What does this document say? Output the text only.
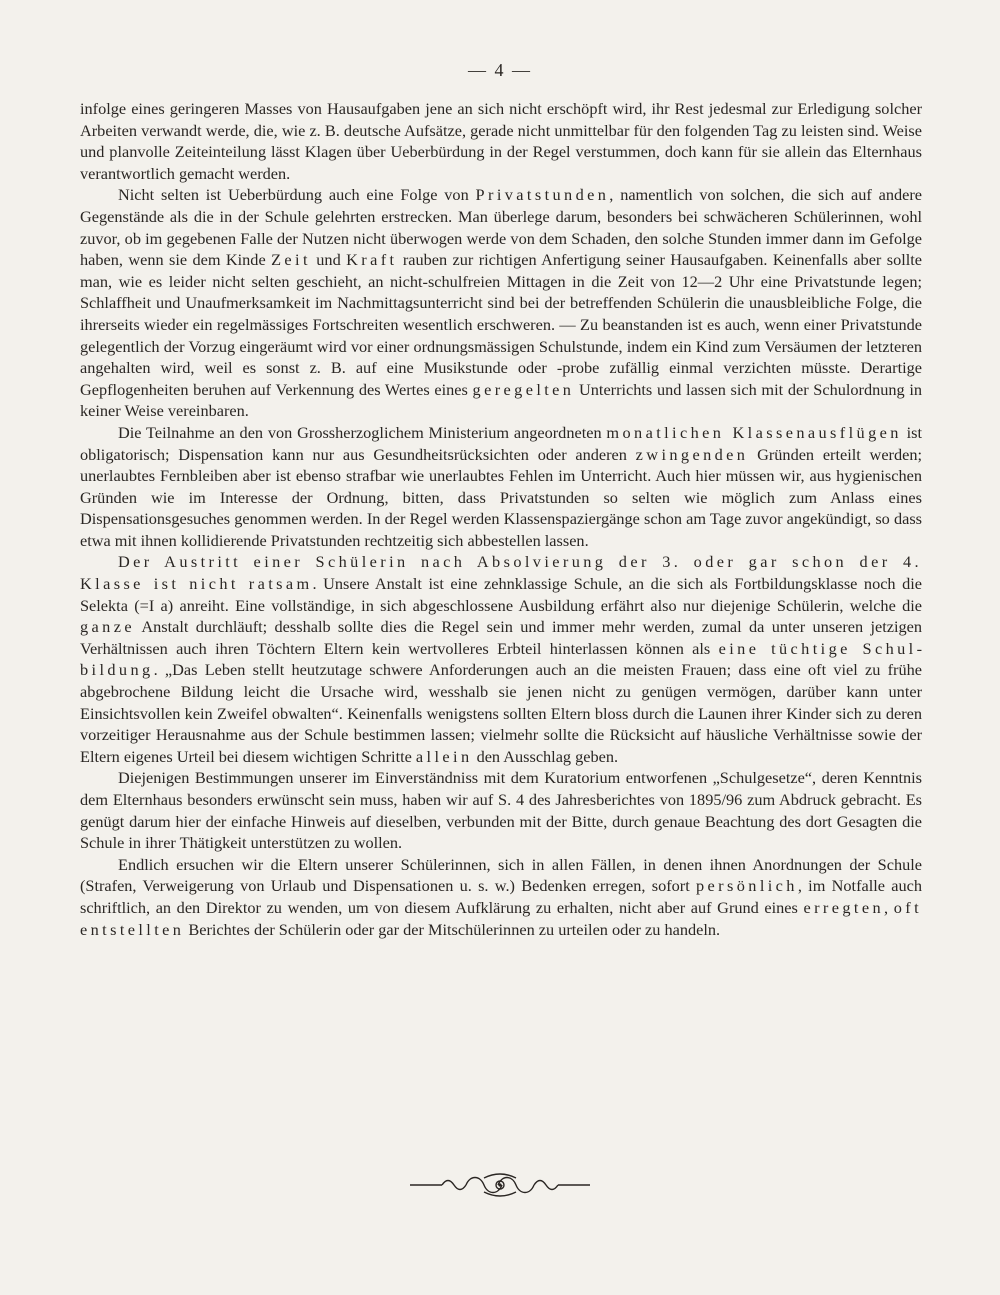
— 4 —

infolge eines geringeren Masses von Hausaufgaben jene an sich nicht erschöpft wird, ihr Rest jedesmal zur Erledigung solcher Arbeiten verwandt werde, die, wie z. B. deutsche Aufsätze, gerade nicht unmittelbar für den folgenden Tag zu leisten sind. Weise und planvolle Zeiteinteilung lässt Klagen über Ueberbürdung in der Regel verstummen, doch kann für sie allein das Elternhaus verantwortlich gemacht werden.

Nicht selten ist Ueberbürdung auch eine Folge von Privatstunden, namentlich von solchen, die sich auf andere Gegenstände als die in der Schule gelehrten erstrecken. Man überlege darum, besonders bei schwächeren Schülerinnen, wohl zuvor, ob im gegebenen Falle der Nutzen nicht überwogen werde von dem Schaden, den solche Stunden immer dann im Gefolge haben, wenn sie dem Kinde Zeit und Kraft rauben zur richtigen Anfertigung seiner Hausaufgaben. Keinenfalls aber sollte man, wie es leider nicht selten geschieht, an nicht-schulfreien Mittagen in die Zeit von 12—2 Uhr eine Privatstunde legen; Schlaffheit und Unaufmerksamkeit im Nachmittagsunterricht sind bei der betreffenden Schülerin die unausbleibliche Folge, die ihrerseits wieder ein regelmässiges Fortschreiten wesentlich erschweren. — Zu beanstanden ist es auch, wenn einer Privatstunde gelegentlich der Vorzug eingeräumt wird vor einer ordnungsmässigen Schulstunde, indem ein Kind zum Versäumen der letzteren angehalten wird, weil es sonst z. B. auf eine Musikstunde oder -probe zufällig einmal verzichten müsste. Derartige Gepflogenheiten beruhen auf Verkennung des Wertes eines geregelten Unterrichts und lassen sich mit der Schulordnung in keiner Weise vereinbaren.

Die Teilnahme an den von Grossherzoglichem Ministerium angeordneten monatlichen Klassenausflügen ist obligatorisch; Dispensation kann nur aus Gesundheitsrücksichten oder anderen zwingenden Gründen erteilt werden; unerlaubtes Fernbleiben aber ist ebenso strafbar wie unerlaubtes Fehlen im Unterricht. Auch hier müssen wir, aus hygienischen Gründen wie im Interesse der Ordnung, bitten, dass Privatstunden so selten wie möglich zum Anlass eines Dispensationsgesuches genommen werden. In der Regel werden Klassenspaziergänge schon am Tage zuvor angekündigt, so dass etwa mit ihnen kollidierende Privatstunden rechtzeitig sich abbestellen lassen.

Der Austritt einer Schülerin nach Absolvierung der 3. oder gar schon der 4. Klasse ist nicht ratsam. Unsere Anstalt ist eine zehnklassige Schule, an die sich als Fortbildungsklasse noch die Selekta (=I a) anreiht. Eine vollständige, in sich abgeschlossene Ausbildung erfährt also nur diejenige Schülerin, welche die ganze Anstalt durchläuft; desshalb sollte dies die Regel sein und immer mehr werden, zumal da unter unseren jetzigen Verhältnissen auch ihren Töchtern Eltern kein wertvolleres Erbteil hinterlassen können als eine tüchtige Schulbildung. „Das Leben stellt heutzutage schwere Anforderungen auch an die meisten Frauen; dass eine oft viel zu frühe abgebrochene Bildung leicht die Ursache wird, wesshalb sie jenen nicht zu genügen vermögen, darüber kann unter Einsichtsvollen kein Zweifel obwalten“. Keinenfalls wenigstens sollten Eltern bloss durch die Launen ihrer Kinder sich zu deren vorzeitiger Herausnahme aus der Schule bestimmen lassen; vielmehr sollte die Rücksicht auf häusliche Verhältnisse sowie der Eltern eigenes Urteil bei diesem wichtigen Schritte allein den Ausschlag geben.

Diejenigen Bestimmungen unserer im Einverständniss mit dem Kuratorium entworfenen „Schulgesetze“, deren Kenntnis dem Elternhaus besonders erwünscht sein muss, haben wir auf S. 4 des Jahresberichtes von 1895/96 zum Abdruck gebracht. Es genügt darum hier der einfache Hinweis auf dieselben, verbunden mit der Bitte, durch genaue Beachtung des dort Gesagten die Schule in ihrer Thätigkeit unterstützen zu wollen.

Endlich ersuchen wir die Eltern unserer Schülerinnen, sich in allen Fällen, in denen ihnen Anordnungen der Schule (Strafen, Verweigerung von Urlaub und Dispensationen u. s. w.) Bedenken erregen, sofort persönlich, im Notfalle auch schriftlich, an den Direktor zu wenden, um von diesem Aufklärung zu erhalten, nicht aber auf Grund eines erregten, oft entstellten Berichtes der Schülerin oder gar der Mitschülerinnen zu urteilen oder zu handeln.
